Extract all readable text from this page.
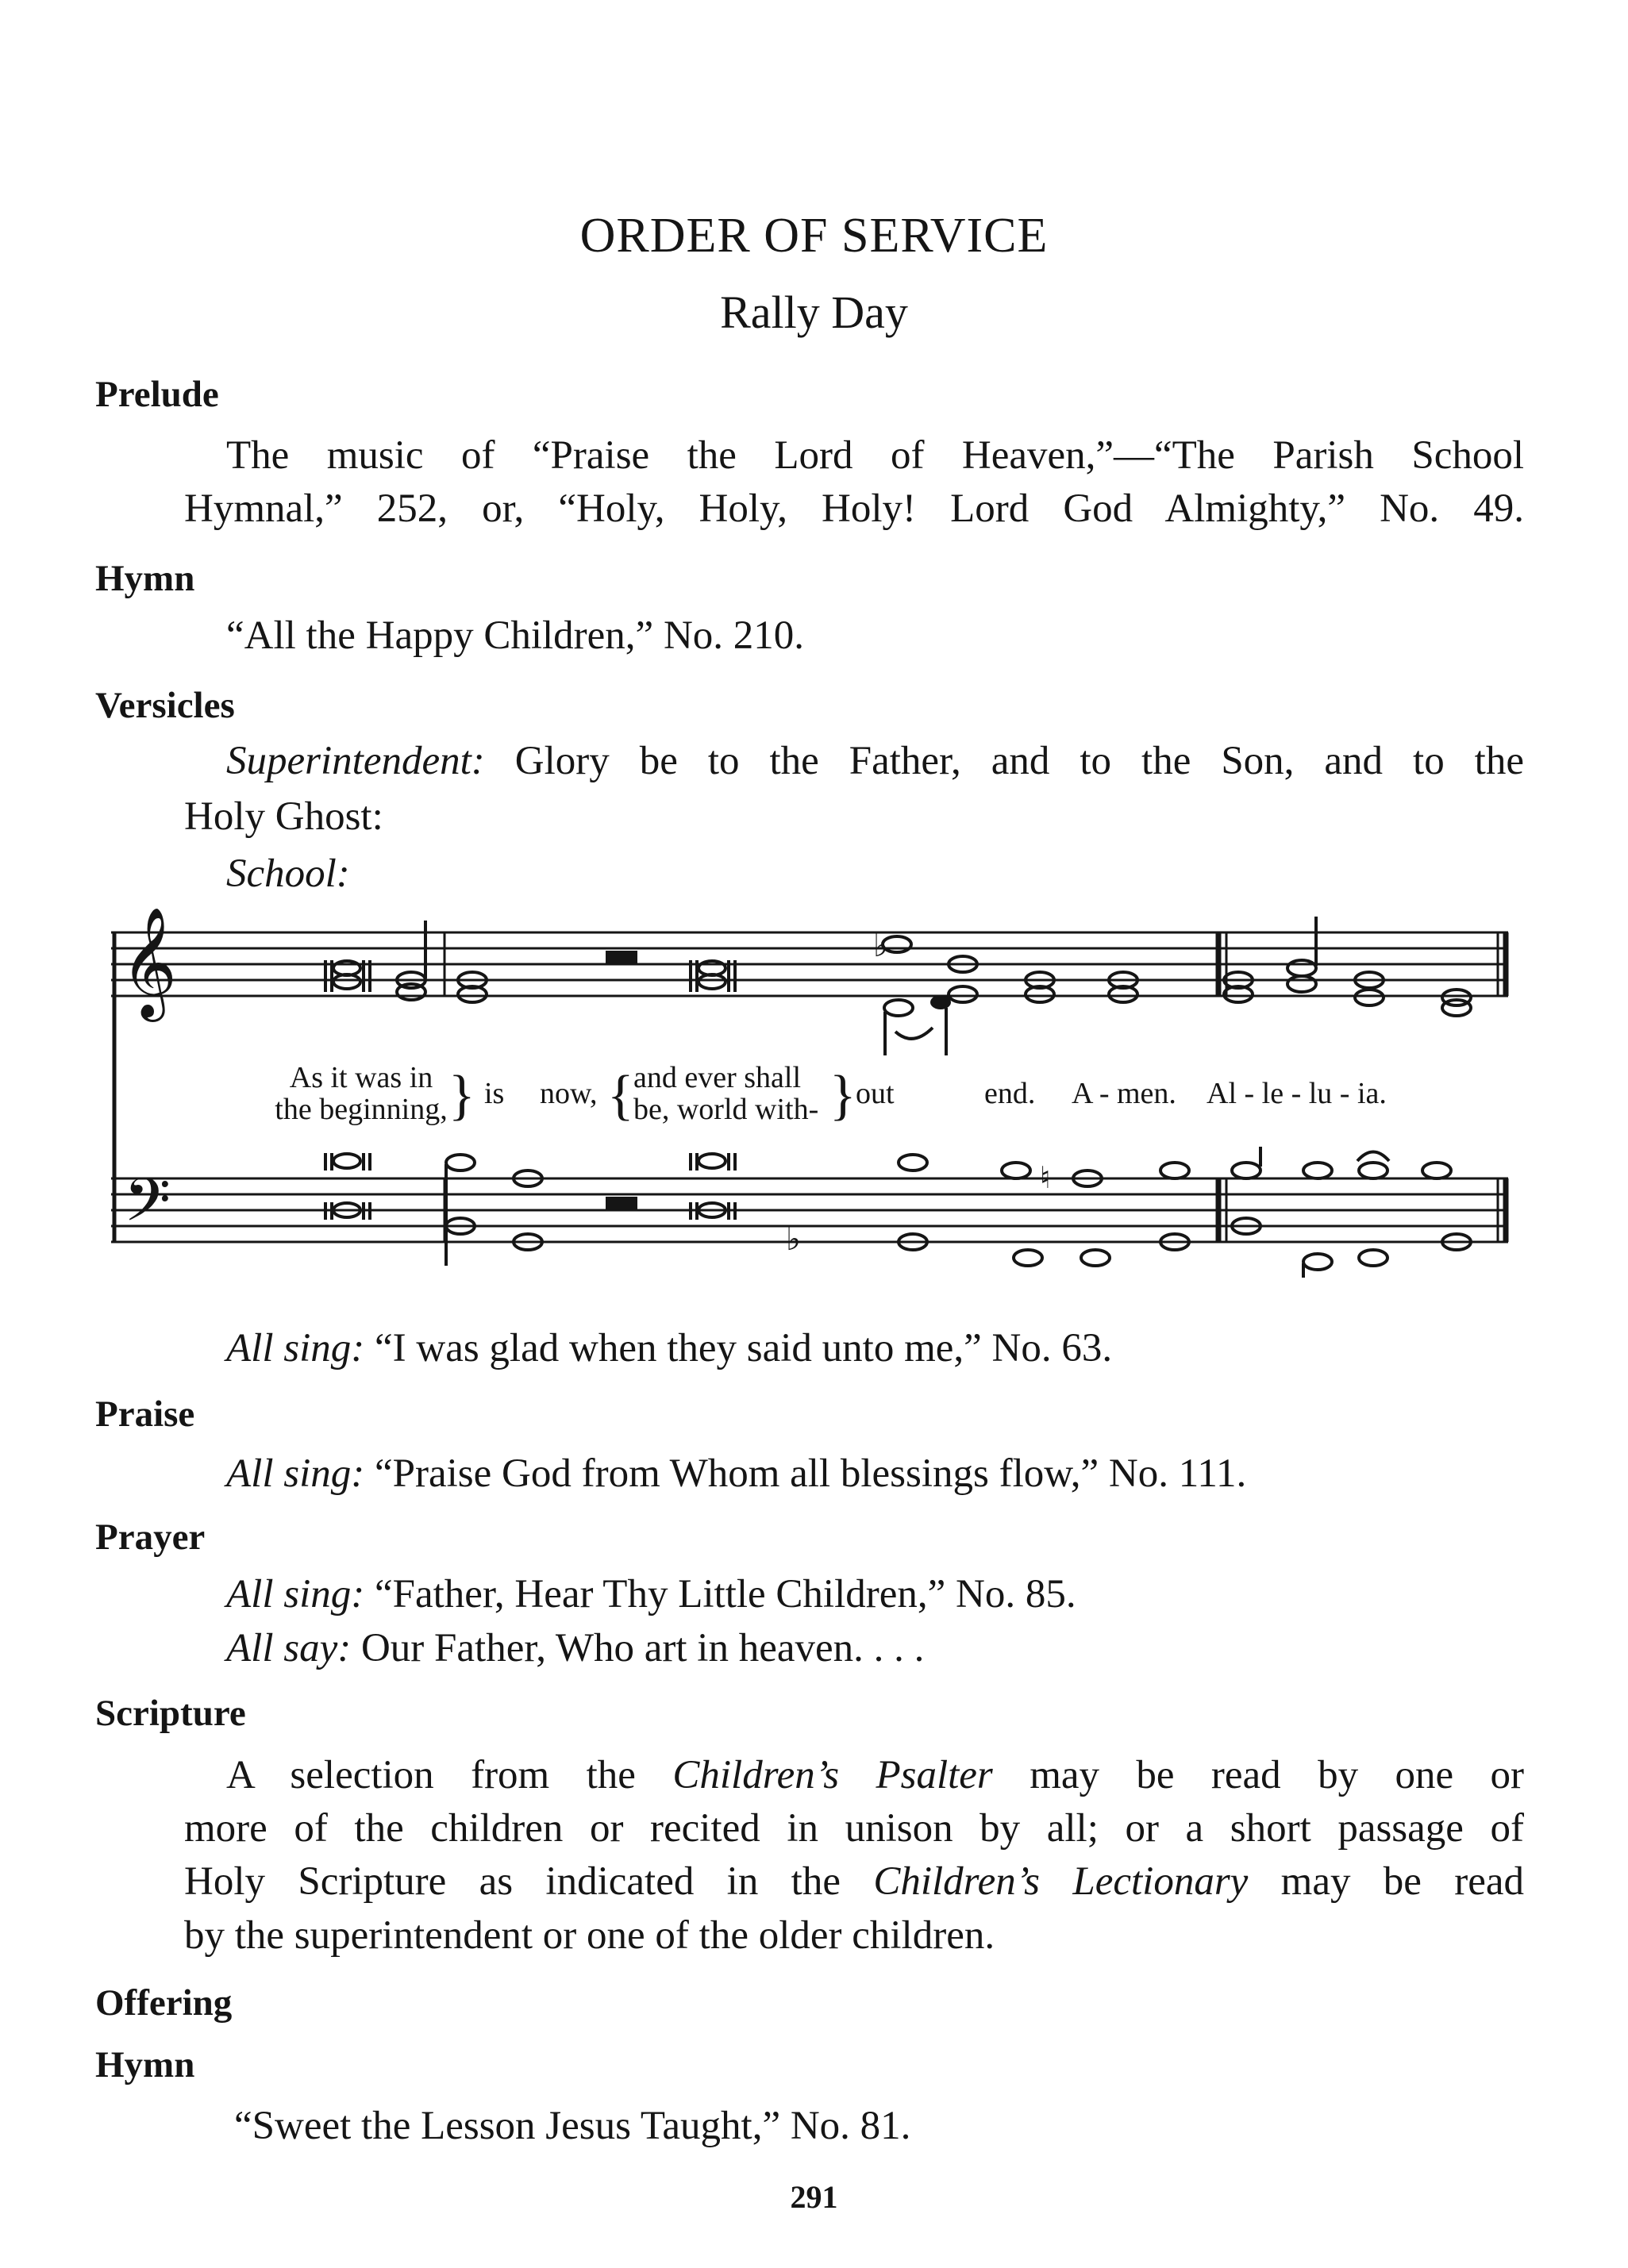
ORDER OF SERVICE
Rally Day
Prelude
The music of “Praise the Lord of Heaven,”—“The Parish School
Hymnal,” 252, or, “Holy, Holy, Holy! Lord God Almighty,” No. 49.
Hymn
“All the Happy Children,” No. 210.
Versicles
Superintendent: Glory be to the Father, and to the Son, and to the
Holy Ghost:
School:
𝄞
𝄢
♭
As it was in
the beginning, } is now, { and ever shall
be, world with- } out	end. A - men. Al - le - lu - ia.
♮
♭
All sing: “I was glad when they said unto me,” No. 63.
Praise
All sing: “Praise God from Whom all blessings flow,” No. 111.
Prayer
All sing: “Father, Hear Thy Little Children,” No. 85.
All say: Our Father, Who art in heaven. . . .
Scripture
A selection from the Children’s Psalter may be read by one or
more of the children or recited in unison by all; or a short passage of
Holy Scripture as indicated in the Children’s Lectionary may be read
by the superintendent or one of the older children.
Offering
Hymn
“Sweet the Lesson Jesus Taught,” No. 81.
291
